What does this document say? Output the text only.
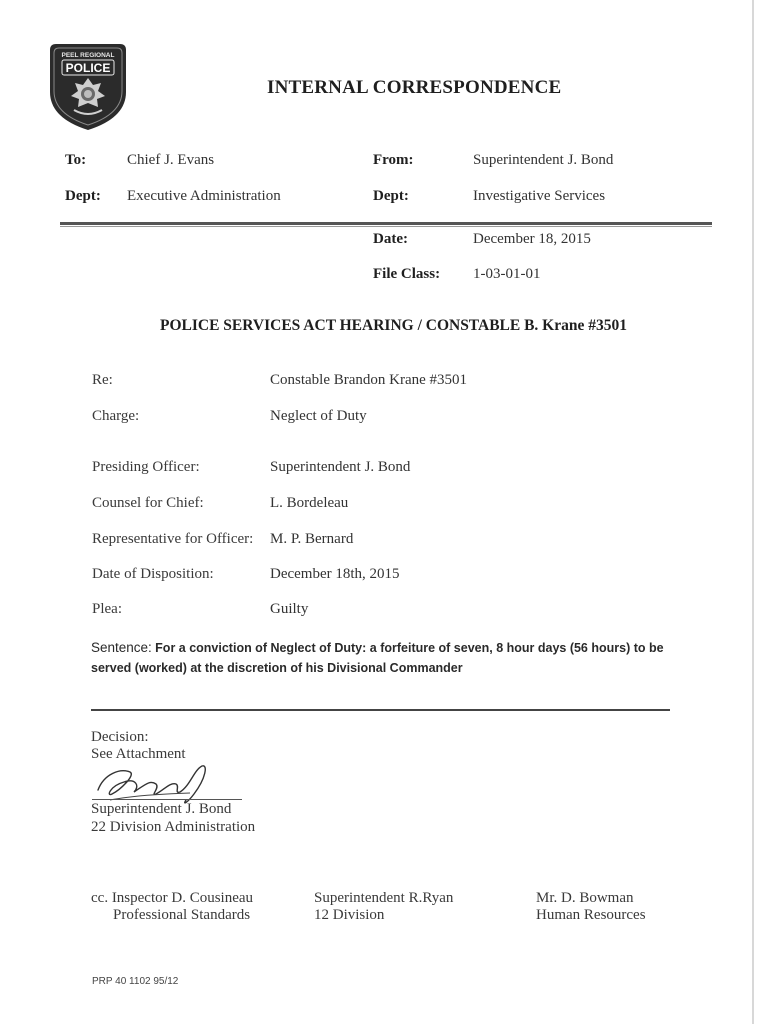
PEEL REGIONAL
POLICE
INTERNAL CORRESPONDENCE
To:	Chief J. Evans	From:	Superintendent J. Bond
Dept: Executive Administration	Dept:	Investigative Services
Date:	December 18, 2015
File Class: 1-03-01-01
POLICE SERVICES ACT HEARING / CONSTABLE B. Krane #3501
Re:	Constable Brandon Krane #3501
Charge:	Neglect of Duty
Presiding Officer:	Superintendent J. Bond
Counsel for Chief:	L. Bordeleau
Representative for Officer: M. P. Bernard
Date of Disposition:	December 18th, 2015
Plea:	Guilty
Sentence: For a conviction of Neglect of Duty: a forfeiture of seven, 8 hour days (56 hours) to be served (worked) at the discretion of his Divisional Commander
Decision:
See Attachment
Superintendent J. Bond
22 Division Administration
cc. Inspector D. Cousineau
Professional Standards
Superintendent R.Ryan
12 Division
Mr. D. Bowman
Human Resources
PRP 40 1102 95/12
